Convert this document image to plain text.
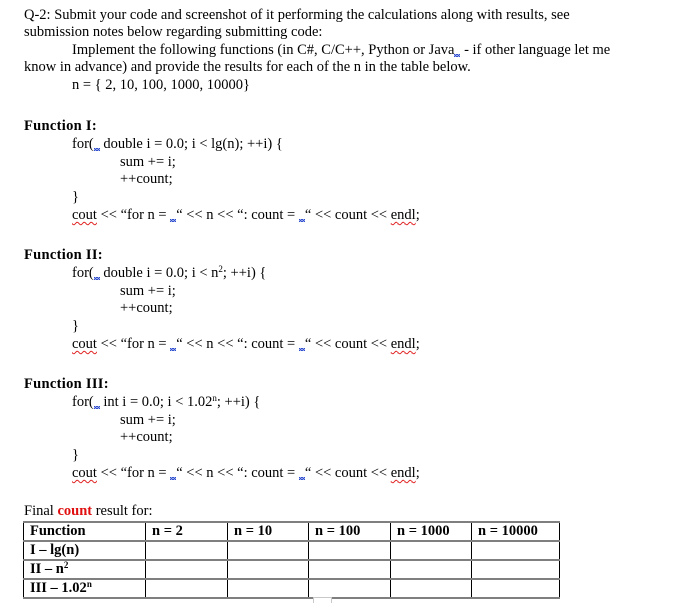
Q-2: Submit your code and screenshot of it performing the calculations along with results, see
submission notes below regarding submitting code:
Implement the following functions (in C#, C/C++, Python or Java - if other language let me
know in advance) and provide the results for each of the n in the table below.
n = { 2, 10, 100, 1000, 10000}
Function I:
for( double i = 0.0; i < lg(n); ++i) {
sum += i;
++count;
}
cout << “for n = “ << n << “: count = “ << count << endl;
Function II:
for( double i = 0.0; $i < n^2$; ++i) {
sum += i;
++count;
}
cout << “for n = “ << n << “: count = “ << count << endl;
Function III:
for( int i = 0.0; $i < 1.02^n$; ++i) {
sum += i;
++count;
}
cout << “for n = “ << n << “: count = “ << count << endl;
Final count result for:
Function	n = 2	n = 10	n = 100	n = 1000	n = 10000
I – lg(n)					
II – $n^2$					
III – 1.02$^n$					
